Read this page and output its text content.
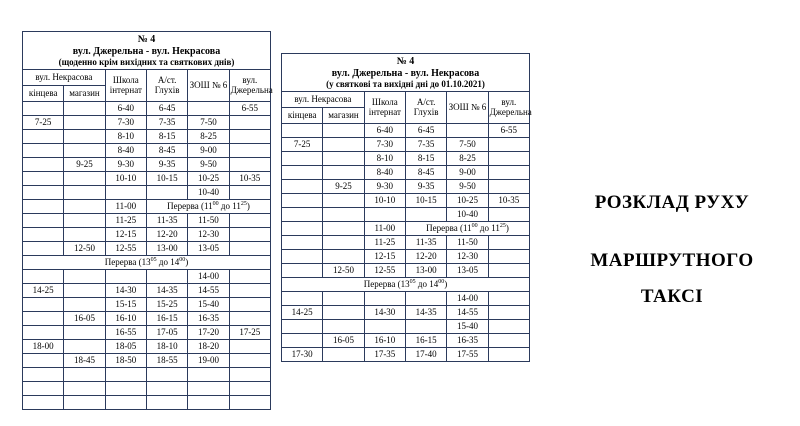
№ 4
вул. Джерельна - вул. Некрасова
(щоденно крім вихідних та святкових днів)					

вул. Некрасова		Школа інтернат	А/ст. Глухів	ЗОШ № 6	вул. Джерельна
кінцева	магазин				
		6-40	6-45		6-55
7-25		7-30	7-35	7-50	
		8-10	8-15	8-25	
		8-40	8-45	9-00	
	9-25	9-30	9-35	9-50	
		10-10	10-15	10-25	10-35
				10-40	
		11-00	Перерва ($11^{00}$ до $11^{25}$)		
		11-25	11-35	11-50	
		12-15	12-20	12-30	
	12-50	12-55	13-00	13-05	
Перерва ($13^{05}$ до $14^{00}$)					
				14-00	
14-25		14-30	14-35	14-55	
		15-15	15-25	15-40	
	16-05	16-10	16-15	16-35	
		16-55	17-05	17-20	17-25
18-00		18-05	18-10	18-20	
	18-45	18-50	18-55	19-00	

№ 4
вул. Джерельна - вул. Некрасова
(у святкові та вихідні дні до 01.10.2021)					

вул. Некрасова		Школа інтернат	А/ст. Глухів	ЗОШ № 6	вул. Джерельна
кінцева	магазин				
		6-40	6-45		6-55
7-25		7-30	7-35	7-50	
		8-10	8-15	8-25	
		8-40	8-45	9-00	
	9-25	9-30	9-35	9-50	
		10-10	10-15	10-25	10-35
				10-40	
		11-00	Перерва ($11^{00}$ до $11^{25}$)		
		11-25	11-35	11-50	
		12-15	12-20	12-30	
	12-50	12-55	13-00	13-05	
Перерва ($13^{05}$ до $14^{00}$)					
				14-00	
14-25		14-30	14-35	14-55	
				15-40	
	16-05	16-10	16-15	16-35	
17-30		17-35	17-40	17-55	
РОЗКЛАД РУХУ
МАРШРУТНОГО
ТАКСІ
